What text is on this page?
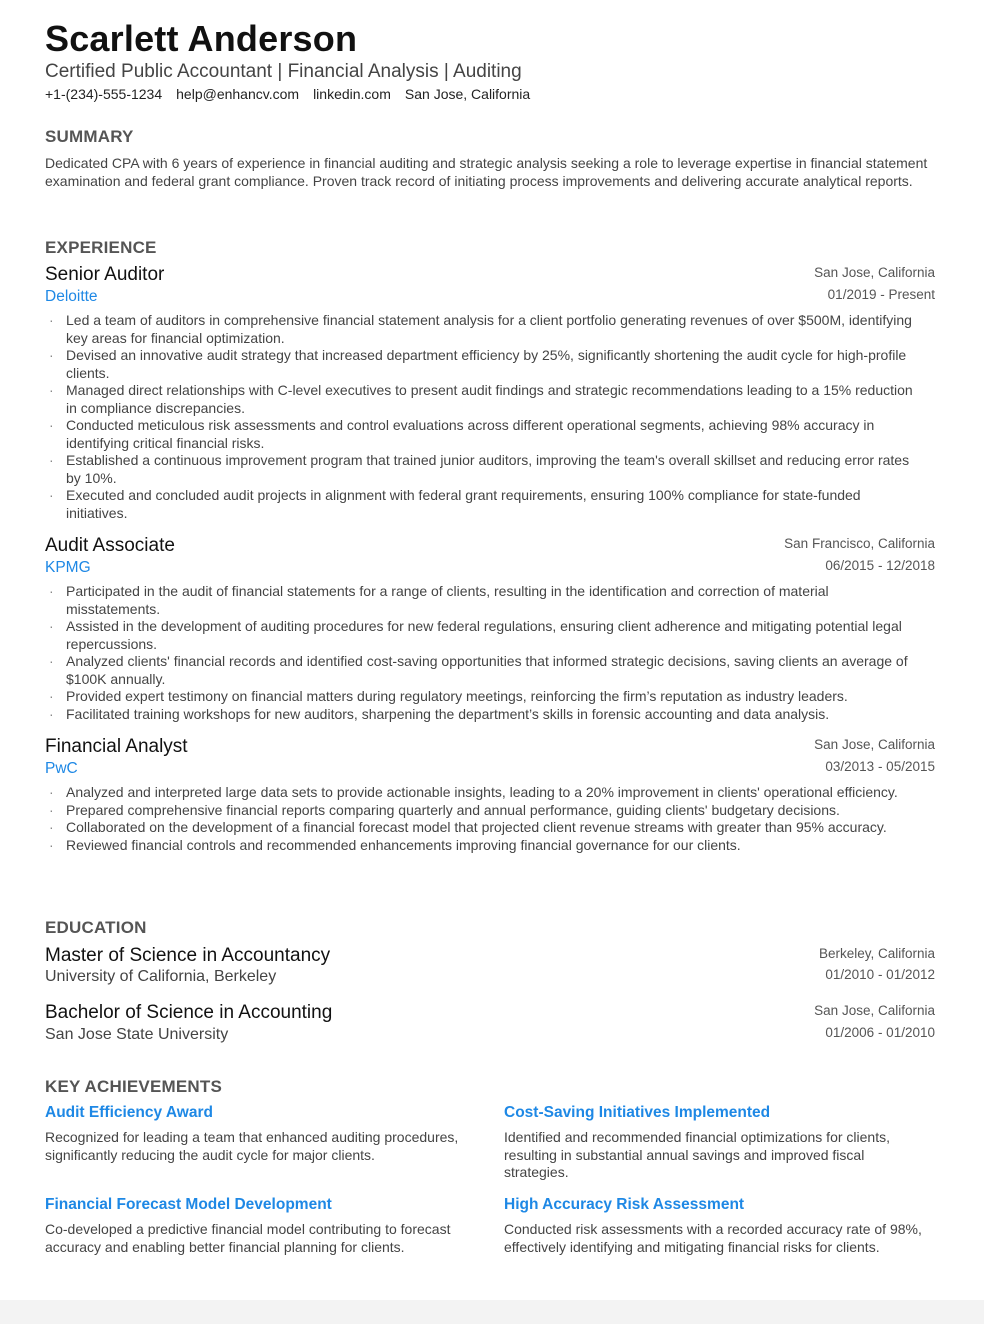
Scarlett Anderson
Certified Public Accountant | Financial Analysis | Auditing
+1-(234)-555-1234 help@enhancv.com linkedin.com San Jose, California
SUMMARY
Dedicated CPA with 6 years of experience in financial auditing and strategic analysis seeking a role to leverage expertise in financial statement examination and federal grant compliance. Proven track record of initiating process improvements and delivering accurate analytical reports.
EXPERIENCE
Senior Auditor
Deloitte
San Jose, California
01/2019 - Present
· Led a team of auditors in comprehensive financial statement analysis for a client portfolio generating revenues of over $500M, identifying key areas for financial optimization.
· Devised an innovative audit strategy that increased department efficiency by 25%, significantly shortening the audit cycle for high-profile clients.
· Managed direct relationships with C-level executives to present audit findings and strategic recommendations leading to a 15% reduction in compliance discrepancies.
· Conducted meticulous risk assessments and control evaluations across different operational segments, achieving 98% accuracy in identifying critical financial risks.
· Established a continuous improvement program that trained junior auditors, improving the team's overall skillset and reducing error rates by 10%.
· Executed and concluded audit projects in alignment with federal grant requirements, ensuring 100% compliance for state-funded initiatives.
Audit Associate
KPMG
San Francisco, California
06/2015 - 12/2018
· Participated in the audit of financial statements for a range of clients, resulting in the identification and correction of material misstatements.
· Assisted in the development of auditing procedures for new federal regulations, ensuring client adherence and mitigating potential legal repercussions.
· Analyzed clients' financial records and identified cost-saving opportunities that informed strategic decisions, saving clients an average of $100K annually.
· Provided expert testimony on financial matters during regulatory meetings, reinforcing the firm’s reputation as industry leaders.
· Facilitated training workshops for new auditors, sharpening the department’s skills in forensic accounting and data analysis.
Financial Analyst
PwC
San Jose, California
03/2013 - 05/2015
· Analyzed and interpreted large data sets to provide actionable insights, leading to a 20% improvement in clients' operational efficiency.
· Prepared comprehensive financial reports comparing quarterly and annual performance, guiding clients' budgetary decisions.
· Collaborated on the development of a financial forecast model that projected client revenue streams with greater than 95% accuracy.
· Reviewed financial controls and recommended enhancements improving financial governance for our clients.
EDUCATION
Master of Science in Accountancy
University of California, Berkeley
Berkeley, California
01/2010 - 01/2012
Bachelor of Science in Accounting
San Jose State University
San Jose, California
01/2006 - 01/2010
KEY ACHIEVEMENTS
Audit Efficiency Award
Recognized for leading a team that enhanced auditing procedures, significantly reducing the audit cycle for major clients.
Cost-Saving Initiatives Implemented
Identified and recommended financial optimizations for clients, resulting in substantial annual savings and improved fiscal strategies.
Financial Forecast Model Development
Co-developed a predictive financial model contributing to forecast accuracy and enabling better financial planning for clients.
High Accuracy Risk Assessment
Conducted risk assessments with a recorded accuracy rate of 98%, effectively identifying and mitigating financial risks for clients.
